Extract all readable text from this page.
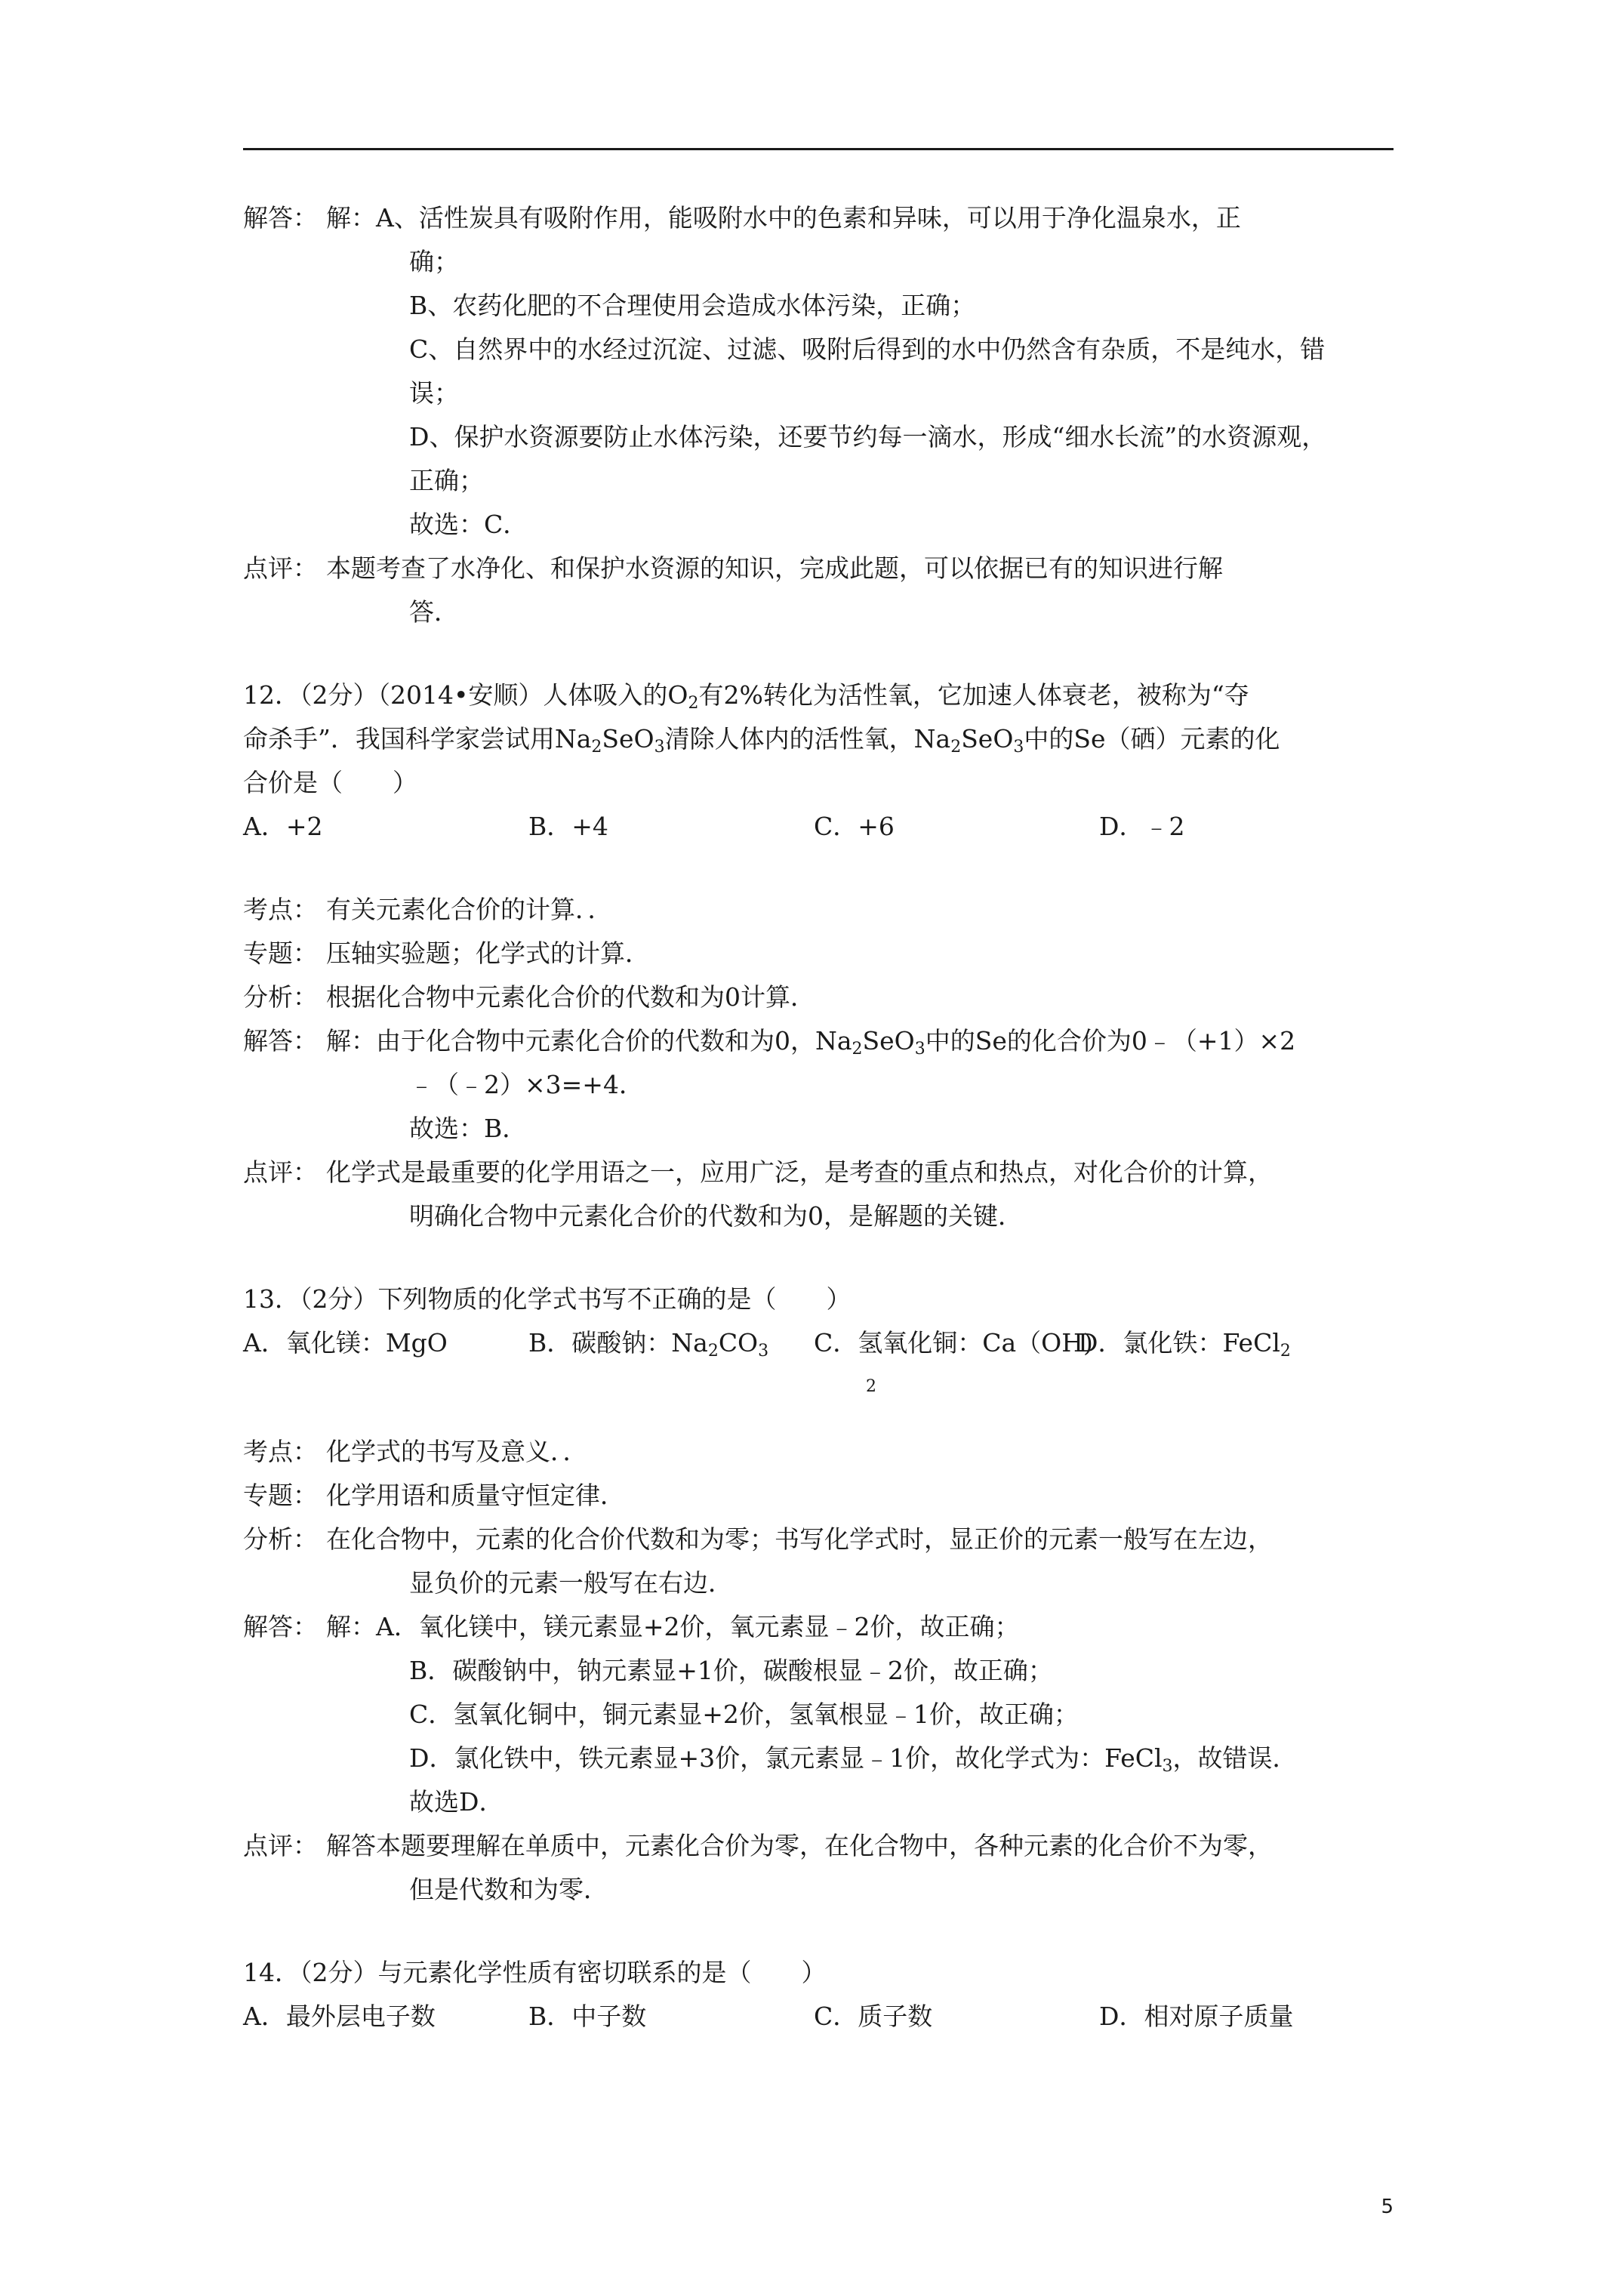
解答： 解：A、活性炭具有吸附作用，能吸附水中的色素和异味，可以用于净化温泉水，正
确；
B、农药化肥的不合理使用会造成水体污染，正确；
C、自然界中的水经过沉淀、过滤、吸附后得到的水中仍然含有杂质，不是纯水，错
误；
D、保护水资源要防止水体污染，还要节约每一滴水，形成“细水长流”的水资源观，
正确；
故选：C．
点评： 本题考查了水净化、和保护水资源的知识，完成此题，可以依据已有的知识进行解
答．
12．（2分）（2014•安顺）人体吸入的$O_2$有2%转化为活性氧，它加速人体衰老，被称为“夺
命杀手”．我国科学家尝试用$Na_2SeO_3$清除人体内的活性氧，$Na_2SeO_3$中的Se（硒）元素的化
合价是（　　）
A．+2	B．+4	C．+6	D．﹣2
考点： 有关元素化合价的计算．．
专题： 压轴实验题；化学式的计算．
分析： 根据化合物中元素化合价的代数和为0计算．
解答： 解：由于化合物中元素化合价的代数和为0，$Na_2SeO_3$中的Se的化合价为0﹣（+1）×2
﹣（﹣2）×3=+4．
故选：B．
点评： 化学式是最重要的化学用语之一，应用广泛，是考查的重点和热点，对化合价的计算，
明确化合物中元素化合价的代数和为0，是解题的关键．
13．（2分）下列物质的化学式书写不正确的是（　　）
A．氧化镁：MgO	B．碳酸钠：$Na_2CO_3$ C．氢氧化铜：Ca（OH)
D．氯化铁：FeCl$_2$
2
考点： 化学式的书写及意义．．
专题： 化学用语和质量守恒定律．
分析： 在化合物中，元素的化合价代数和为零；书写化学式时，显正价的元素一般写在左边，
显负价的元素一般写在右边．
解答： 解：A．氧化镁中，镁元素显+2价，氧元素显﹣2价，故正确；
B．碳酸钠中，钠元素显+1价，碳酸根显﹣2价，故正确；
C．氢氧化铜中，铜元素显+2价，氢氧根显﹣1价，故正确；
D．氯化铁中，铁元素显+3价，氯元素显﹣1价，故化学式为：FeCl$_3$，故错误．
故选D．
点评： 解答本题要理解在单质中，元素化合价为零，在化合物中，各种元素的化合价不为零，
但是代数和为零．
14．（2分）与元素化学性质有密切联系的是（　　）
A．最外层电子数	B．中子数	C．质子数	D．相对原子质量
5
